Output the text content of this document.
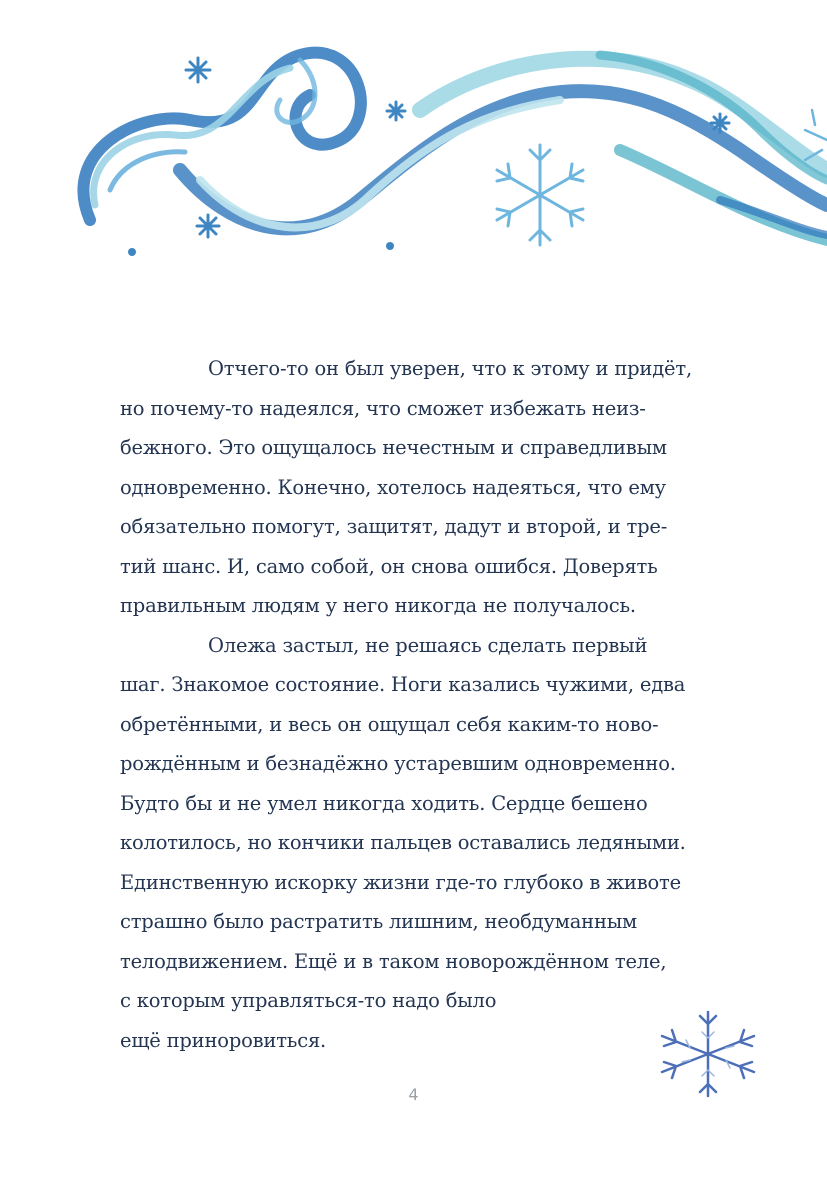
Отчего-то он был уверен, что к этому и придёт,
но почему-то надеялся, что сможет избежать неиз-
бежного. Это ощущалось нечестным и справедливым
одновременно. Конечно, хотелось надеяться, что ему
обязательно помогут, защитят, дадут и второй, и тре-
тий шанс. И, само собой, он снова ошибся. Доверять
правильным людям у него никогда не получалось.
Олежа застыл, не решаясь сделать первый
шаг. Знакомое состояние. Ноги казались чужими, едва
обретёнными, и весь он ощущал себя каким-то ново-
рождённым и безнадёжно устаревшим одновременно.
Будто бы и не умел никогда ходить. Сердце бешено
колотилось, но кончики пальцев оставались ледяными.
Единственную искорку жизни где-то глубоко в животе
страшно было растратить лишним, необдуманным
телодвижением. Ещё и в таком новорождённом теле,
с которым управляться-то надо было
ещё приноровиться.
4
